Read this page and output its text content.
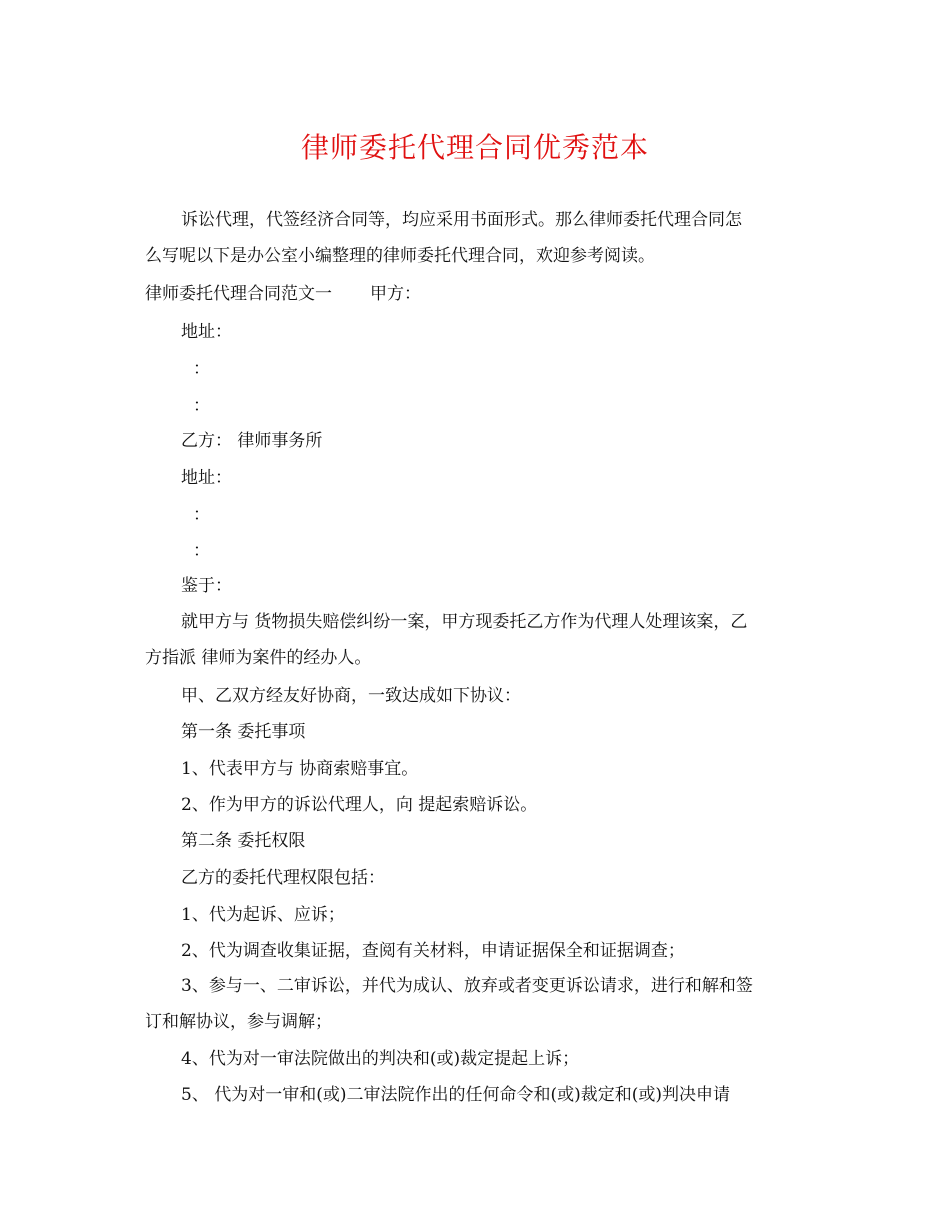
律师委托代理合同优秀范本
诉讼代理，代签经济合同等，均应采用书面形式。那么律师委托代理合同怎
么写呢以下是办公室小编整理的律师委托代理合同，欢迎参考阅读。
律师委托代理合同范文一 甲方：
地址：
：
：
乙方： 律师事务所
地址：
：
：
鉴于：
就甲方与 货物损失赔偿纠纷一案，甲方现委托乙方作为代理人处理该案，乙
方指派 律师为案件的经办人。
甲、乙双方经友好协商，一致达成如下协议：
第一条 委托事项
1、代表甲方与 协商索赔事宜。
2、作为甲方的诉讼代理人，向 提起索赔诉讼。
第二条 委托权限
乙方的委托代理权限包括：
1、代为起诉、应诉；
2、代为调查收集证据，查阅有关材料，申请证据保全和证据调查；
3、参与一、二审诉讼，并代为成认、放弃或者变更诉讼请求，进行和解和签
订和解协议，参与调解；
4、代为对一审法院做出的判决和(或)裁定提起上诉；
5、 代为对一审和(或)二审法院作出的任何命令和(或)裁定和(或)判决申请
